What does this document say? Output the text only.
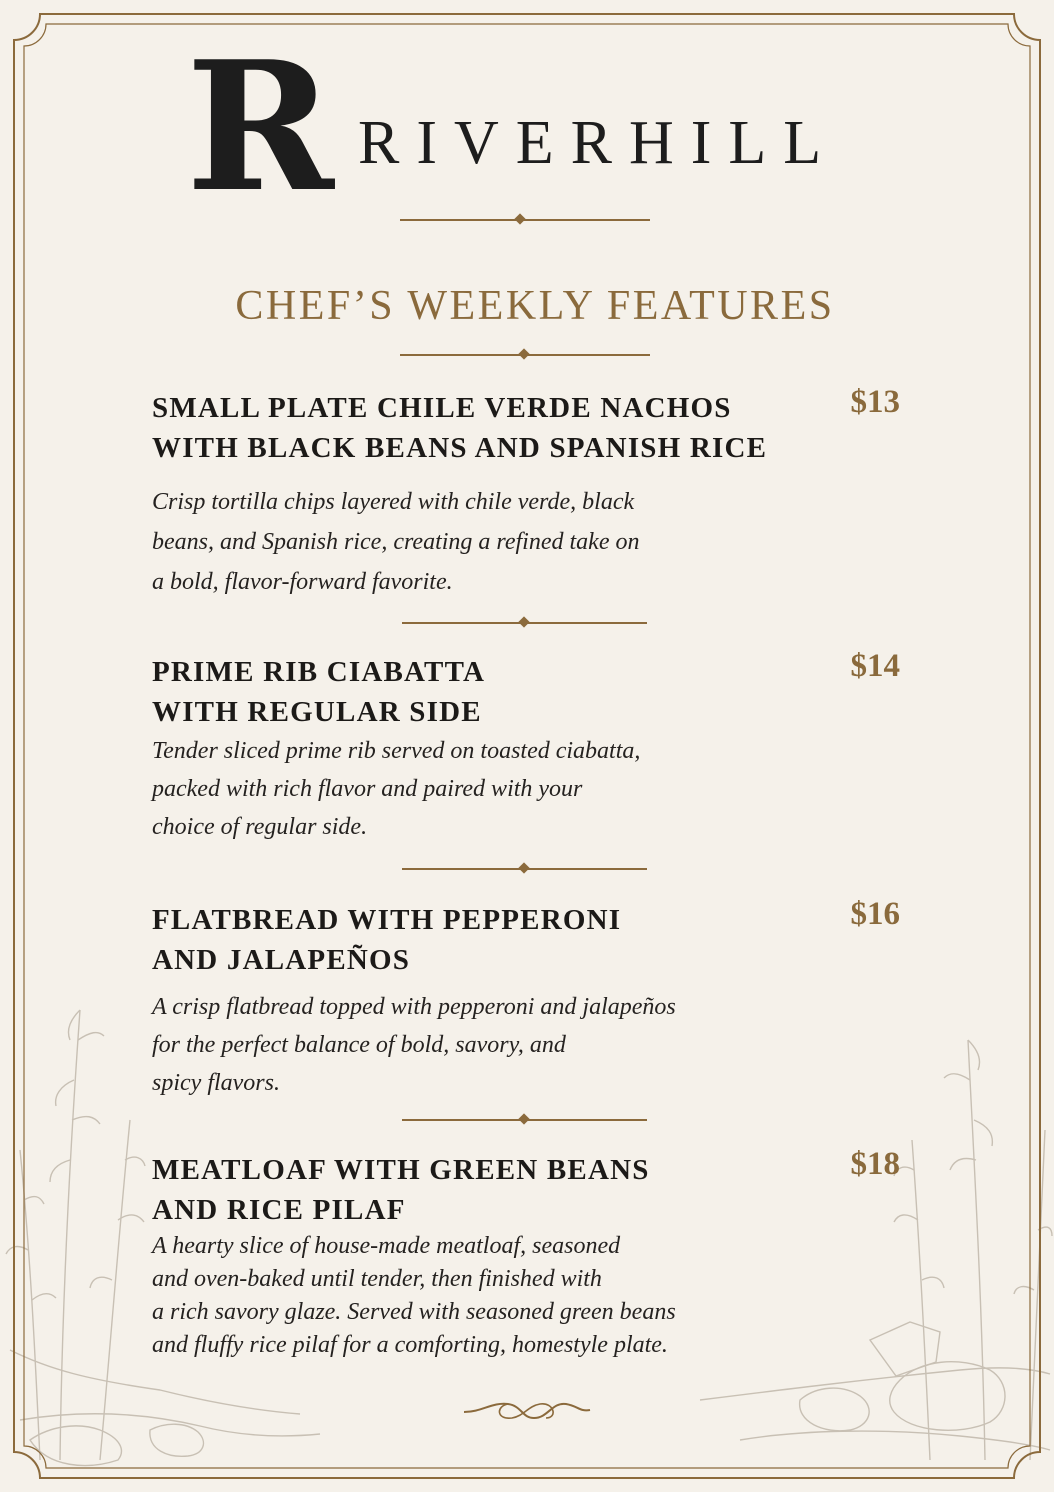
R RIVERHILL
CHEF’S WEEKLY FEATURES
SMALL PLATE CHILE VERDE NACHOS
WITH BLACK BEANS AND SPANISH RICE
$13
Crisp tortilla chips layered with chile verde, black
beans, and Spanish rice, creating a refined take on
a bold, flavor-forward favorite.
PRIME RIB CIABATTA
WITH REGULAR SIDE
$14
Tender sliced prime rib served on toasted ciabatta,
packed with rich flavor and paired with your
choice of regular side.
FLATBREAD WITH PEPPERONI
AND JALAPEÑOS
$16
A crisp flatbread topped with pepperoni and jalapeños
for the perfect balance of bold, savory, and
spicy flavors.
MEATLOAF WITH GREEN BEANS
AND RICE PILAF
$18
A hearty slice of house-made meatloaf, seasoned
and oven-baked until tender, then finished with
a rich savory glaze. Served with seasoned green beans
and fluffy rice pilaf for a comforting, homestyle plate.
